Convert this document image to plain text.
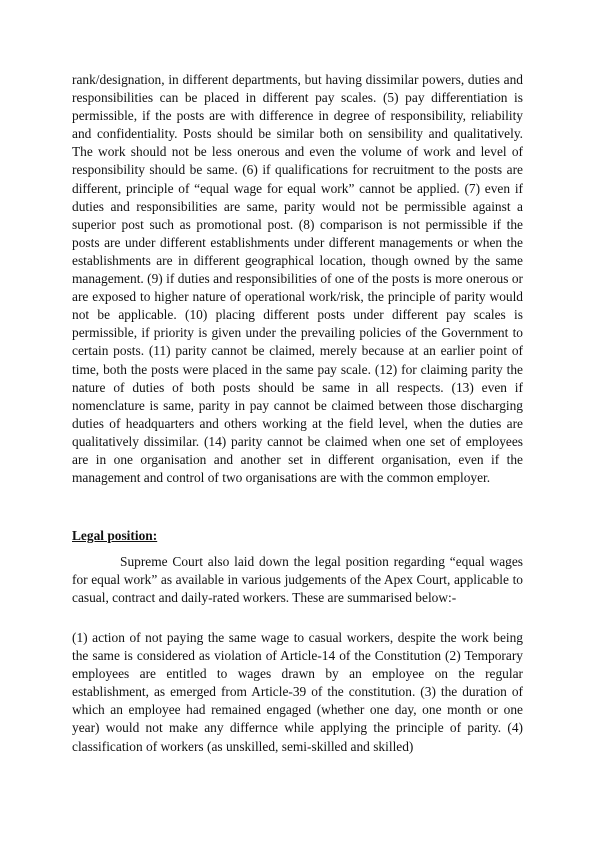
rank/designation, in different departments, but having dissimilar powers, duties and responsibilities can be placed in different pay scales. (5) pay differentiation is permissible, if the posts are with difference in degree of responsibility, reliability and confidentiality. Posts should be similar both on sensibility and qualitatively. The work should not be less onerous and even the volume of work and level of responsibility should be same. (6) if qualifications for recruitment to the posts are different, principle of “equal wage for equal work” cannot be applied. (7) even if duties and responsibilities are same, parity would not be permissible against a superior post such as promotional post. (8) comparison is not permissible if the posts are under different establishments under different managements or when the establishments are in different geographical location, though owned by the same management. (9) if duties and responsibilities of one of the posts is more onerous or are exposed to higher nature of operational work/risk, the principle of parity would not be applicable. (10) placing different posts under different pay scales is permissible, if priority is given under the prevailing policies of the Government to certain posts. (11) parity cannot be claimed, merely because at an earlier point of time, both the posts were placed in the same pay scale. (12) for claiming parity the nature of duties of both posts should be same in all respects. (13) even if nomenclature is same, parity in pay cannot be claimed between those discharging duties of headquarters and others working at the field level, when the duties are qualitatively dissimilar. (14) parity cannot be claimed when one set of employees are in one organisation and another set in different organisation, even if the management and control of two organisations are with the common employer.

Legal position:

Supreme Court also laid down the legal position regarding “equal wages for equal work” as available in various judgements of the Apex Court, applicable to casual, contract and daily-rated workers. These are summarised below:-

(1) action of not paying the same wage to casual workers, despite the work being the same is considered as violation of Article-14 of the Constitution (2) Temporary employees are entitled to wages drawn by an employee on the regular establishment, as emerged from Article-39 of the constitution. (3) the duration of which an employee had remained engaged (whether one day, one month or one year) would not make any differnce while applying the principle of parity. (4) classification of workers (as unskilled, semi-skilled and skilled)
